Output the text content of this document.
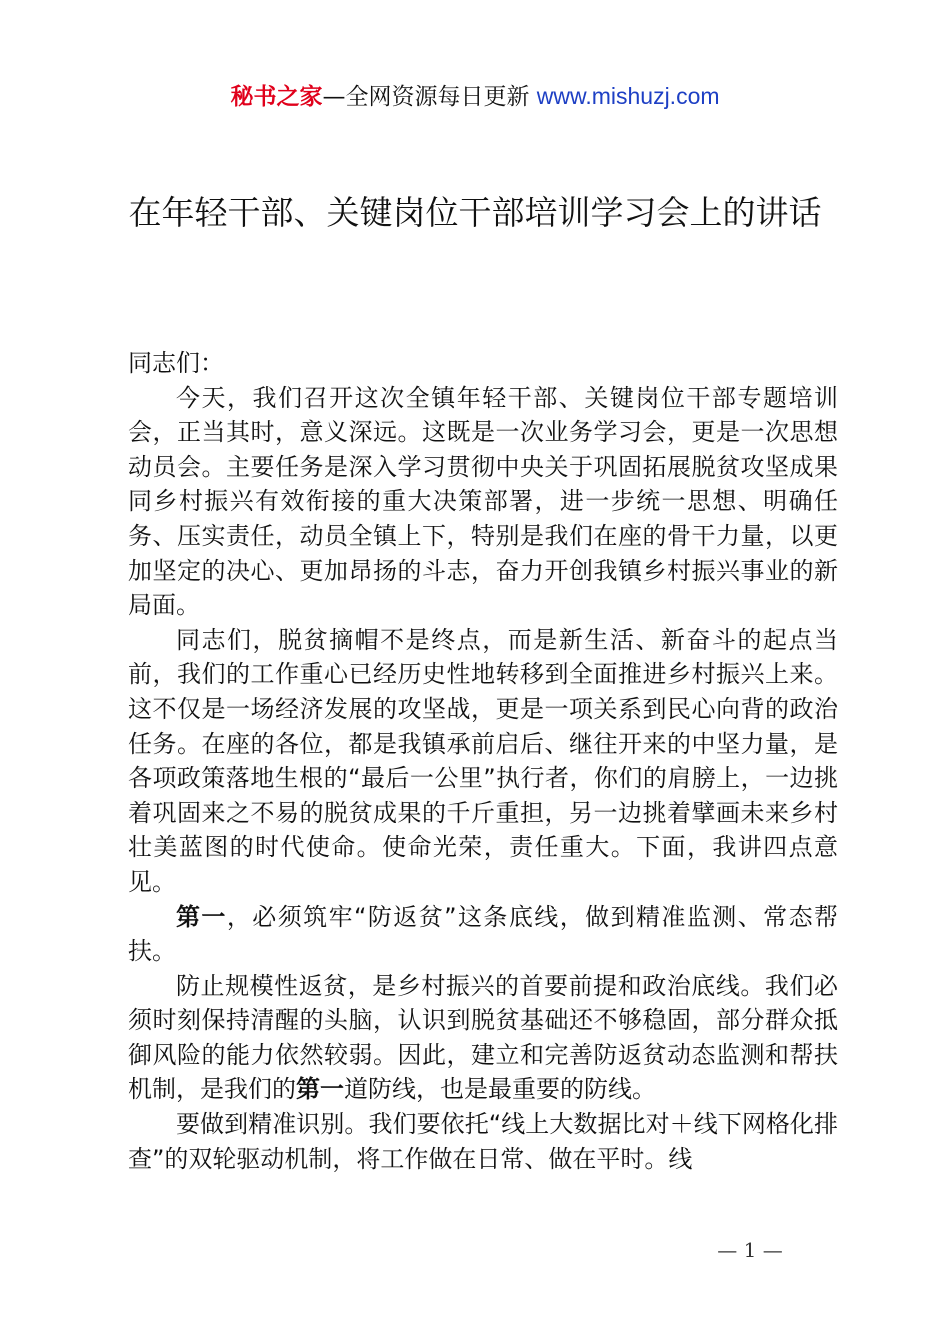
秘书之家—全网资源每日更新 www.mishuzj.com
在年轻干部、关键岗位干部培训学习会上的讲话

同志们：

今天，我们召开这次全镇年轻干部、关键岗位干部专题培训会，正当其时，意义深远。这既是一次业务学习会，更是一次思想动员会。主要任务是深入学习贯彻中央关于巩固拓展脱贫攻坚成果同乡村振兴有效衔接的重大决策部署，进一步统一思想、明确任务、压实责任，动员全镇上下，特别是我们在座的骨干力量，以更加坚定的决心、更加昂扬的斗志，奋力开创我镇乡村振兴事业的新局面。

同志们，脱贫摘帽不是终点，而是新生活、新奋斗的起点当前，我们的工作重心已经历史性地转移到全面推进乡村振兴上来。这不仅是一场经济发展的攻坚战，更是一项关系到民心向背的政治任务。在座的各位，都是我镇承前启后、继往开来的中坚力量，是各项政策落地生根的“最后一公里”执行者，你们的肩膀上，一边挑着巩固来之不易的脱贫成果的千斤重担，另一边挑着擘画未来乡村壮美蓝图的时代使命。使命光荣，责任重大。下面，我讲四点意见。

第一，必须筑牢“防返贫”这条底线，做到精准监测、常态帮扶。

防止规模性返贫，是乡村振兴的首要前提和政治底线。我们必须时刻保持清醒的头脑，认识到脱贫基础还不够稳固，部分群众抵御风险的能力依然较弱。因此，建立和完善防返贫动态监测和帮扶机制，是我们的第一道防线，也是最重要的防线。

要做到精准识别。我们要依托“线上大数据比对＋线下网格化排查”的双轮驱动机制，将工作做在日常、做在平时。线

— 1 —
